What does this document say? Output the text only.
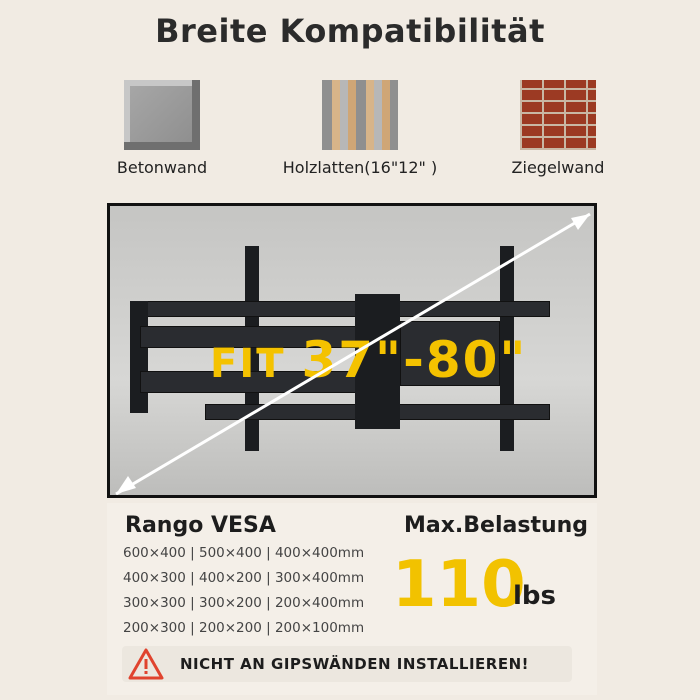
Breite Kompatibilität
Betonwand	Holzlatten(16"12" )	Ziegelwand
FIT 37"-80"
Rango VESA
600×400 | 500×400 | 400×400mm
400×300 | 400×200 | 300×400mm
300×300 | 300×200 | 200×400mm
200×300 | 200×200 | 200×100mm
Max.Belastung
110
lbs
NICHT AN GIPSWÄNDEN INSTALLIEREN!
